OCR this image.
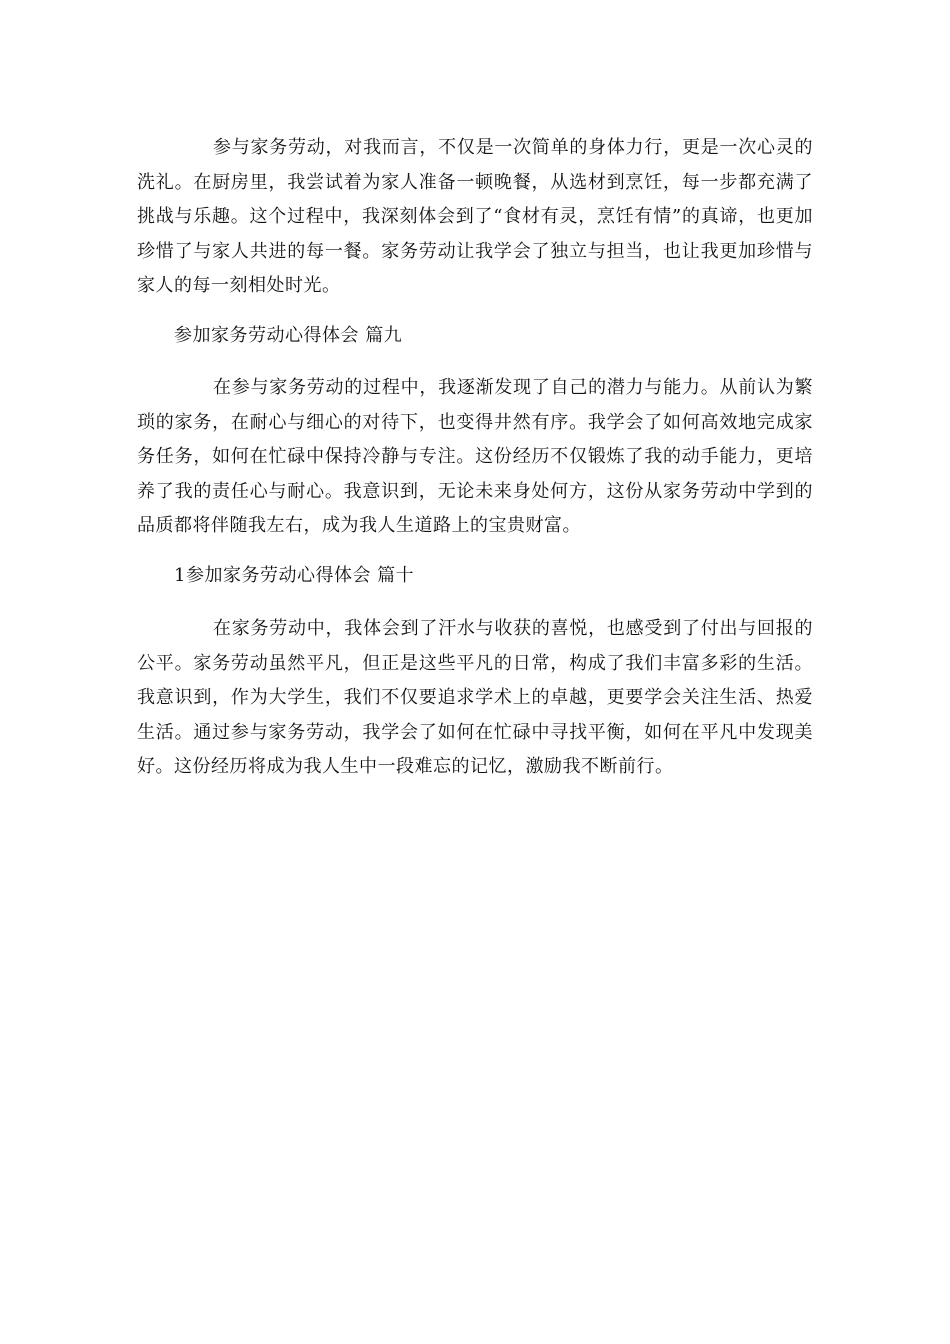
参与家务劳动，对我而言，不仅是一次简单的身体力行，更是一次心灵的洗礼。在厨房里，我尝试着为家人准备一顿晚餐，从选材到烹饪，每一步都充满了挑战与乐趣。这个过程中，我深刻体会到了“食材有灵，烹饪有情”的真谛，也更加珍惜了与家人共进的每一餐。家务劳动让我学会了独立与担当，也让我更加珍惜与家人的每一刻相处时光。

参加家务劳动心得体会 篇九

在参与家务劳动的过程中，我逐渐发现了自己的潜力与能力。从前认为繁琐的家务，在耐心与细心的对待下，也变得井然有序。我学会了如何高效地完成家务任务，如何在忙碌中保持冷静与专注。这份经历不仅锻炼了我的动手能力，更培养了我的责任心与耐心。我意识到，无论未来身处何方，这份从家务劳动中学到的品质都将伴随我左右，成为我人生道路上的宝贵财富。

1参加家务劳动心得体会 篇十

在家务劳动中，我体会到了汗水与收获的喜悦，也感受到了付出与回报的公平。家务劳动虽然平凡，但正是这些平凡的日常，构成了我们丰富多彩的生活。我意识到，作为大学生，我们不仅要追求学术上的卓越，更要学会关注生活、热爱生活。通过参与家务劳动，我学会了如何在忙碌中寻找平衡，如何在平凡中发现美好。这份经历将成为我人生中一段难忘的记忆，激励我不断前行。
